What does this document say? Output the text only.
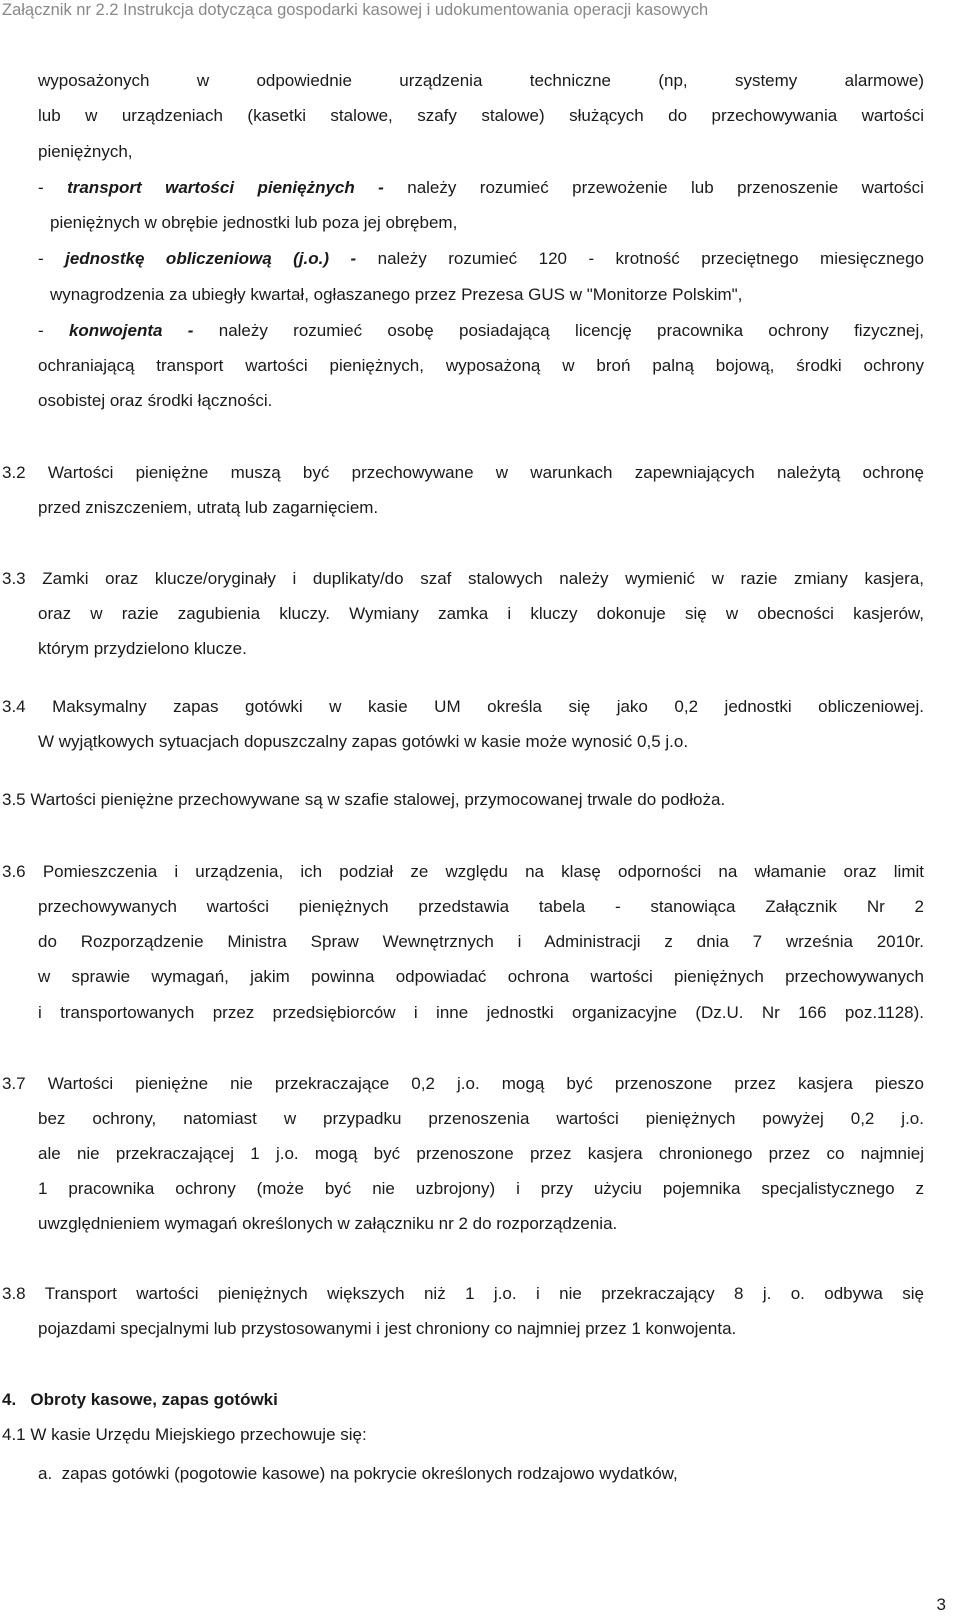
Załącznik nr 2.2 Instrukcja dotycząca gospodarki kasowej i udokumentowania operacji kasowych
wyposażonych w odpowiednie urządzenia techniczne (np, systemy alarmowe)
lub w urządzeniach (kasetki stalowe, szafy stalowe) służących do przechowywania wartości
pieniężnych,
- transport wartości pieniężnych - należy rozumieć przewożenie lub przenoszenie wartości
pieniężnych w obrębie jednostki lub poza jej obrębem,
- jednostkę obliczeniową (j.o.) - należy rozumieć 120 - krotność przeciętnego miesięcznego
wynagrodzenia za ubiegły kwartał, ogłaszanego przez Prezesa GUS w "Monitorze Polskim",
- konwojenta - należy rozumieć osobę posiadającą licencję pracownika ochrony fizycznej,
ochraniającą transport wartości pieniężnych, wyposażoną w broń palną bojową, środki ochrony
osobistej oraz środki łączności.
3.2 Wartości pieniężne muszą być przechowywane w warunkach zapewniających należytą ochronę
przed zniszczeniem, utratą lub zagarnięciem.
3.3 Zamki oraz klucze/oryginały i duplikaty/do szaf stalowych należy wymienić w razie zmiany kasjera,
oraz w razie zagubienia kluczy. Wymiany zamka i kluczy dokonuje się w obecności kasjerów,
którym przydzielono klucze.
3.4 Maksymalny zapas gotówki w kasie UM określa się jako 0,2 jednostki obliczeniowej.
W wyjątkowych sytuacjach dopuszczalny zapas gotówki w kasie może wynosić 0,5 j.o.
3.5 Wartości pieniężne przechowywane są w szafie stalowej, przymocowanej trwale do podłoża.
3.6 Pomieszczenia i urządzenia, ich podział ze względu na klasę odporności na włamanie oraz limit
przechowywanych wartości pieniężnych przedstawia tabela - stanowiąca Załącznik Nr 2
do Rozporządzenie Ministra Spraw Wewnętrznych i Administracji z dnia 7 września 2010r.
w sprawie wymagań, jakim powinna odpowiadać ochrona wartości pieniężnych przechowywanych
i transportowanych przez przedsiębiorców i inne jednostki organizacyjne (Dz.U. Nr 166 poz.1128).
3.7 Wartości pieniężne nie przekraczające 0,2 j.o. mogą być przenoszone przez kasjera pieszo
bez ochrony, natomiast w przypadku przenoszenia wartości pieniężnych powyżej 0,2 j.o.
ale nie przekraczającej 1 j.o. mogą być przenoszone przez kasjera chronionego przez co najmniej
1 pracownika ochrony (może być nie uzbrojony) i przy użyciu pojemnika specjalistycznego z
uwzględnieniem wymagań określonych w załączniku nr 2 do rozporządzenia.
3.8 Transport wartości pieniężnych większych niż 1 j.o. i nie przekraczający 8 j. o. odbywa się
pojazdami specjalnymi lub przystosowanymi i jest chroniony co najmniej przez 1 konwojenta.
4.   Obroty kasowe, zapas gotówki
4.1 W kasie Urzędu Miejskiego przechowuje się:
a.  zapas gotówki (pogotowie kasowe) na pokrycie określonych rodzajowo wydatków,
3
